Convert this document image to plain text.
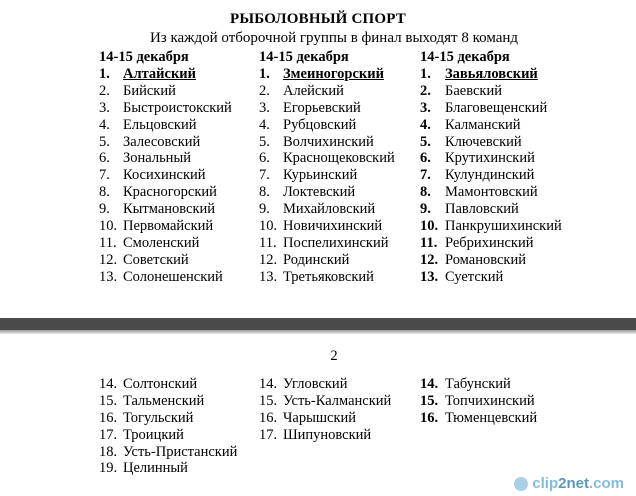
РЫБОЛОВНЫЙ СПОРТ
Из каждой отборочной группы в финал выходят 8 команд
14-15 декабря
1. Алтайский
2. Бийский
3. Быстроистокский
4. Ельцовский
5. Залесовский
6. Зональный
7. Косихинский
8. Красногорский
9. Кытмановский
10. Первомайский
11. Смоленский
12. Советский
13. Солонешенский
14-15 декабря
1. Змеиногорский
2. Алейский
3. Егорьевский
4. Рубцовский
5. Волчихинский
6. Краснощековский
7. Курьинский
8. Локтевский
9. Михайловский
10. Новичихинский
11. Поспелихинский
12. Родинский
13. Третьяковский
14-15 декабря
1. Завьяловский
2. Баевский
3. Благовещенский
4. Калманский
5. Ключевский
6. Крутихинский
7. Кулундинский
8. Мамонтовский
9. Павловский
10. Панкрушихинский
11. Ребрихинский
12. Романовский
13. Суетский
2
14. Солтонский
15. Тальменский
16. Тогульский
17. Троицкий
18. Усть-Пристанский
19. Целинный
14. Угловский
15. Усть-Калманский
16. Чарышский
17. Шипуновский
14. Табунский
15. Топчихинский
16. Тюменцевский
clip 2net .com
